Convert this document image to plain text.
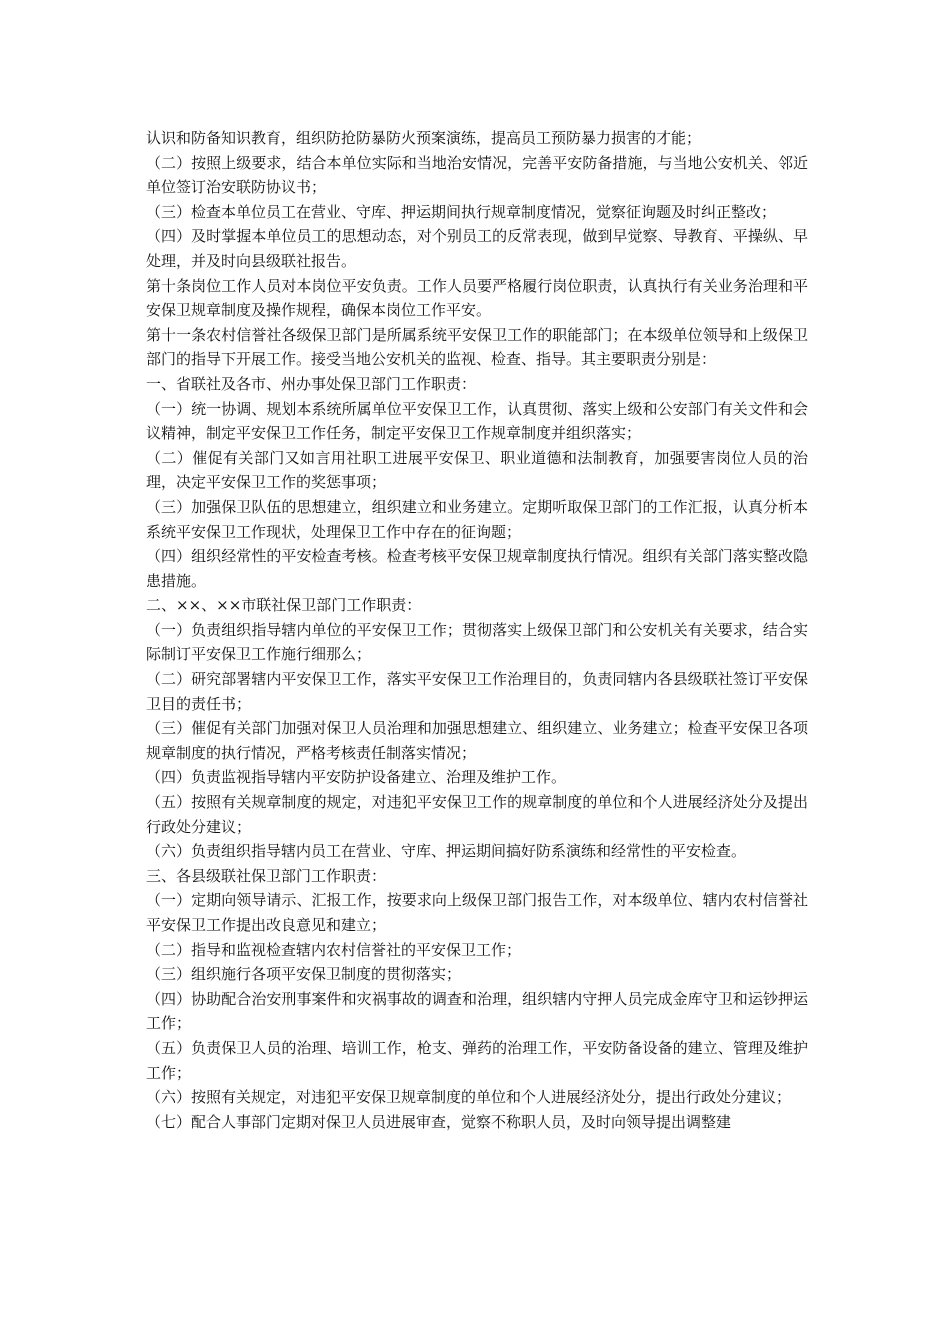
认识和防备知识教育，组织防抢防暴防火预案演练，提高员工预防暴力损害的才能；

（二）按照上级要求，结合本单位实际和当地治安情况，完善平安防备措施，与当地公安机关、邻近单位签订治安联防协议书；

（三）检查本单位员工在营业、守库、押运期间执行规章制度情况，觉察征询题及时纠正整改；

（四）及时掌握本单位员工的思想动态，对个别员工的反常表现，做到早觉察、导教育、平操纵、早处理，并及时向县级联社报告。

第十条岗位工作人员对本岗位平安负责。工作人员要严格履行岗位职责，认真执行有关业务治理和平安保卫规章制度及操作规程，确保本岗位工作平安。

第十一条农村信誉社各级保卫部门是所属系统平安保卫工作的职能部门；在本级单位领导和上级保卫部门的指导下开展工作。接受当地公安机关的监视、检查、指导。其主要职责分别是：

一、省联社及各市、州办事处保卫部门工作职责：

（一）统一协调、规划本系统所属单位平安保卫工作，认真贯彻、落实上级和公安部门有关文件和会议精神，制定平安保卫工作任务，制定平安保卫工作规章制度并组织落实；

（二）催促有关部门又如言用社职工进展平安保卫、职业道德和法制教育，加强要害岗位人员的治理，决定平安保卫工作的奖惩事项；

（三）加强保卫队伍的思想建立，组织建立和业务建立。定期听取保卫部门的工作汇报，认真分析本系统平安保卫工作现状，处理保卫工作中存在的征询题；

（四）组织经常性的平安检查考核。检查考核平安保卫规章制度执行情况。组织有关部门落实整改隐患措施。

二、××、××市联社保卫部门工作职责：

（一）负责组织指导辖内单位的平安保卫工作；贯彻落实上级保卫部门和公安机关有关要求，结合实际制订平安保卫工作施行细那么；

（二）研究部署辖内平安保卫工作，落实平安保卫工作治理目的，负责同辖内各县级联社签订平安保卫目的责任书；

（三）催促有关部门加强对保卫人员治理和加强思想建立、组织建立、业务建立；检查平安保卫各项规章制度的执行情况，严格考核责任制落实情况；

（四）负责监视指导辖内平安防护设备建立、治理及维护工作。

（五）按照有关规章制度的规定，对违犯平安保卫工作的规章制度的单位和个人进展经济处分及提出行政处分建议；

（六）负责组织指导辖内员工在营业、守库、押运期间搞好防系演练和经常性的平安检查。

三、各县级联社保卫部门工作职责：

（一）定期向领导请示、汇报工作，按要求向上级保卫部门报告工作，对本级单位、辖内农村信誉社平安保卫工作提出改良意见和建立；

（二）指导和监视检查辖内农村信誉社的平安保卫工作；

（三）组织施行各项平安保卫制度的贯彻落实；

（四）协助配合治安刑事案件和灾祸事故的调查和治理，组织辖内守押人员完成金库守卫和运钞押运工作；

（五）负责保卫人员的治理、培训工作，枪支、弹药的治理工作，平安防备设备的建立、管理及维护工作；

（六）按照有关规定，对违犯平安保卫规章制度的单位和个人进展经济处分，提出行政处分建议；

（七）配合人事部门定期对保卫人员进展审查，觉察不称职人员，及时向领导提出调整建
